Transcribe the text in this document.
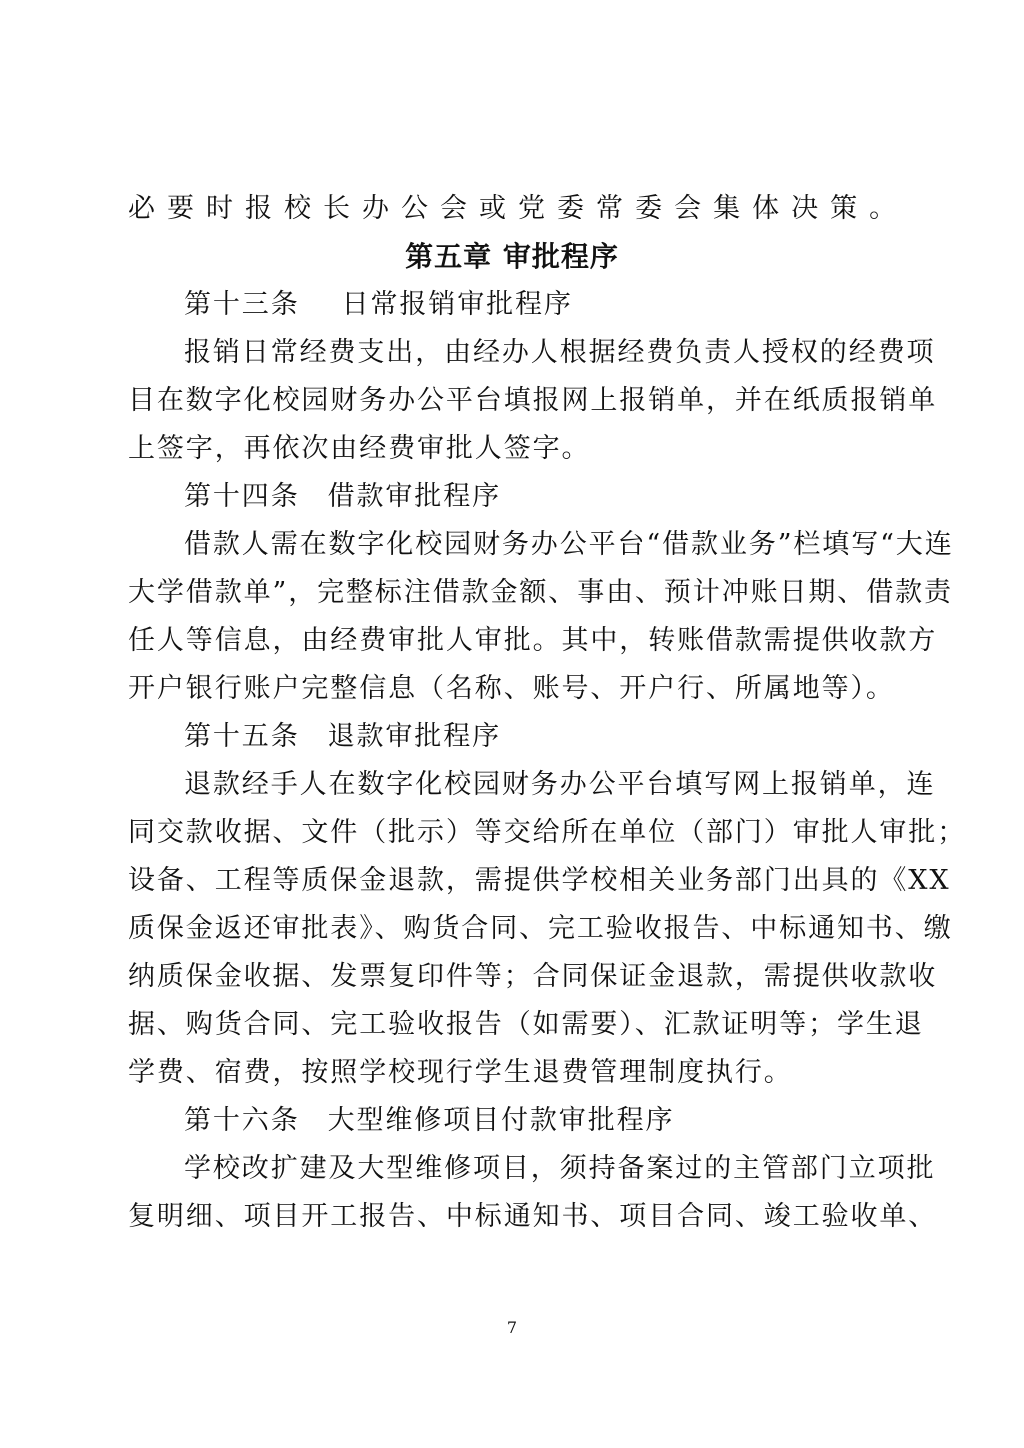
必要时报校长办公会或党委常委会集体决策。
第五章 审批程序
第十三条 日常报销审批程序
报销日常经费支出，由经办人根据经费负责人授权的经费项
目在数字化校园财务办公平台填报网上报销单，并在纸质报销单
上签字，再依次由经费审批人签字。
第十四条 借款审批程序
借款人需在数字化校园财务办公平台“借款业务”栏填写“大连
大学借款单”，完整标注借款金额、事由、预计冲账日期、借款责
任人等信息，由经费审批人审批。其中，转账借款需提供收款方
开户银行账户完整信息（名称、账号、开户行、所属地等）。
第十五条 退款审批程序
退款经手人在数字化校园财务办公平台填写网上报销单，连
同交款收据、文件（批示）等交给所在单位（部门）审批人审批；
设备、工程等质保金退款，需提供学校相关业务部门出具的《XX
质保金返还审批表》、购货合同、完工验收报告、中标通知书、缴
纳质保金收据、发票复印件等；合同保证金退款，需提供收款收
据、购货合同、完工验收报告（如需要）、汇款证明等；学生退
学费、宿费，按照学校现行学生退费管理制度执行。
第十六条 大型维修项目付款审批程序
学校改扩建及大型维修项目，须持备案过的主管部门立项批
复明细、项目开工报告、中标通知书、项目合同、竣工验收单、
7
